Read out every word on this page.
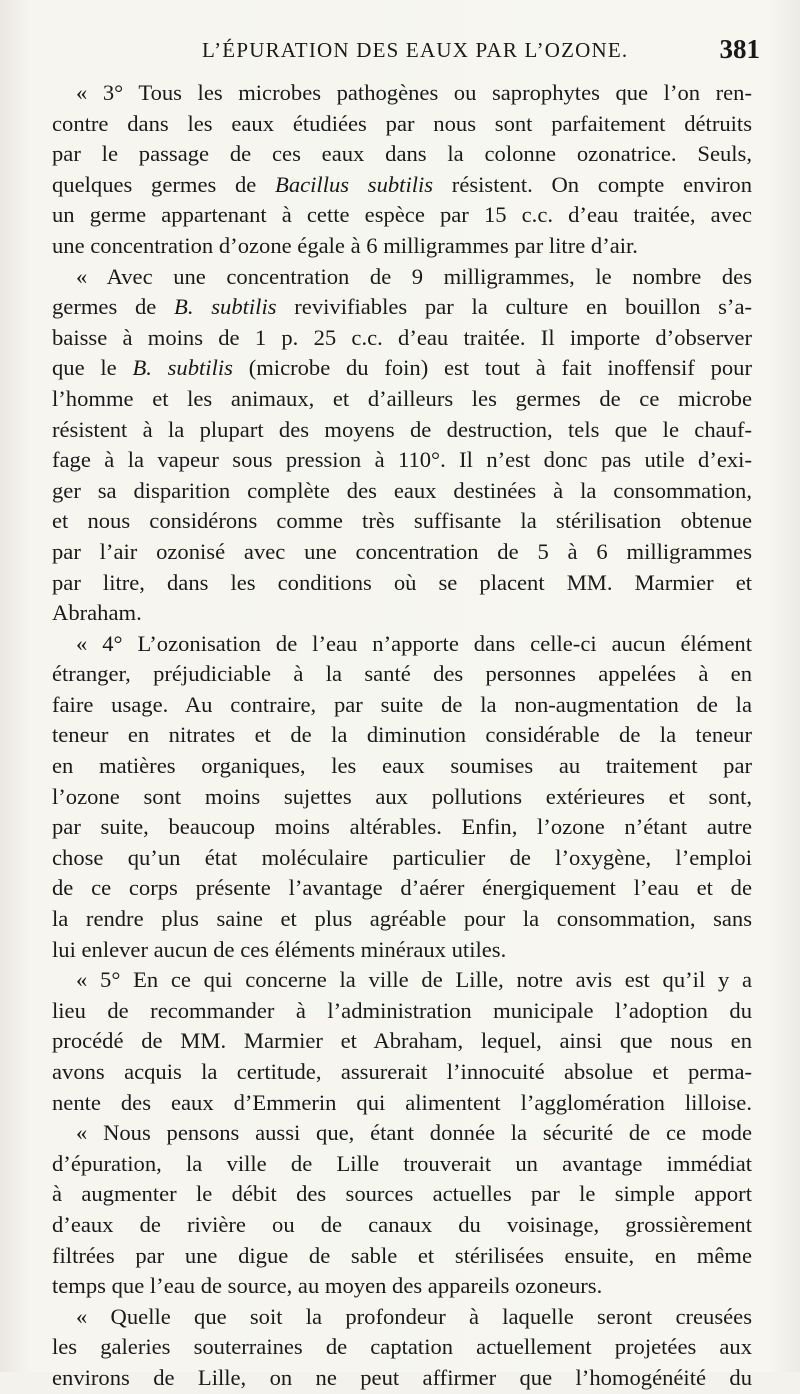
L’ÉPURATION DES EAUX PAR L’OZONE.	381
« 3° Tous les microbes pathogènes ou saprophytes que l’on ren-
contre dans les eaux étudiées par nous sont parfaitement détruits
par le passage de ces eaux dans la colonne ozonatrice. Seuls,
quelques germes de Bacillus subtilis résistent. On compte environ
un germe appartenant à cette espèce par 15 c.c. d’eau traitée, avec
une concentration d’ozone égale à 6 milligrammes par litre d’air.
« Avec une concentration de 9 milligrammes, le nombre des
germes de B. subtilis revivifiables par la culture en bouillon s’a-
baisse à moins de 1 p. 25 c.c. d’eau traitée. Il importe d’observer
que le B. subtilis (microbe du foin) est tout à fait inoffensif pour
l’homme et les animaux, et d’ailleurs les germes de ce microbe
résistent à la plupart des moyens de destruction, tels que le chauf-
fage à la vapeur sous pression à 110°. Il n’est donc pas utile d’exi-
ger sa disparition complète des eaux destinées à la consommation,
et nous considérons comme très suffisante la stérilisation obtenue
par l’air ozonisé avec une concentration de 5 à 6 milligrammes
par litre, dans les conditions où se placent MM. Marmier et
Abraham.
« 4° L’ozonisation de l’eau n’apporte dans celle-ci aucun élément
étranger, préjudiciable à la santé des personnes appelées à en
faire usage. Au contraire, par suite de la non-augmentation de la
teneur en nitrates et de la diminution considérable de la teneur
en matières organiques, les eaux soumises au traitement par
l’ozone sont moins sujettes aux pollutions extérieures et sont,
par suite, beaucoup moins altérables. Enfin, l’ozone n’étant autre
chose qu’un état moléculaire particulier de l’oxygène, l’emploi
de ce corps présente l’avantage d’aérer énergiquement l’eau et de
la rendre plus saine et plus agréable pour la consommation, sans
lui enlever aucun de ces éléments minéraux utiles.
« 5° En ce qui concerne la ville de Lille, notre avis est qu’il y a
lieu de recommander à l’administration municipale l’adoption du
procédé de MM. Marmier et Abraham, lequel, ainsi que nous en
avons acquis la certitude, assurerait l’innocuité absolue et perma-
nente des eaux d’Emmerin qui alimentent l’agglomération lilloise.
« Nous pensons aussi que, étant donnée la sécurité de ce mode
d’épuration, la ville de Lille trouverait un avantage immédiat
à augmenter le débit des sources actuelles par le simple apport
d’eaux de rivière ou de canaux du voisinage, grossièrement
filtrées par une digue de sable et stérilisées ensuite, en même
temps que l’eau de source, au moyen des appareils ozoneurs.
« Quelle que soit la profondeur à laquelle seront creusées
les galeries souterraines de captation actuellement projetées aux
environs de Lille, on ne peut affirmer que l’homogénéité du
